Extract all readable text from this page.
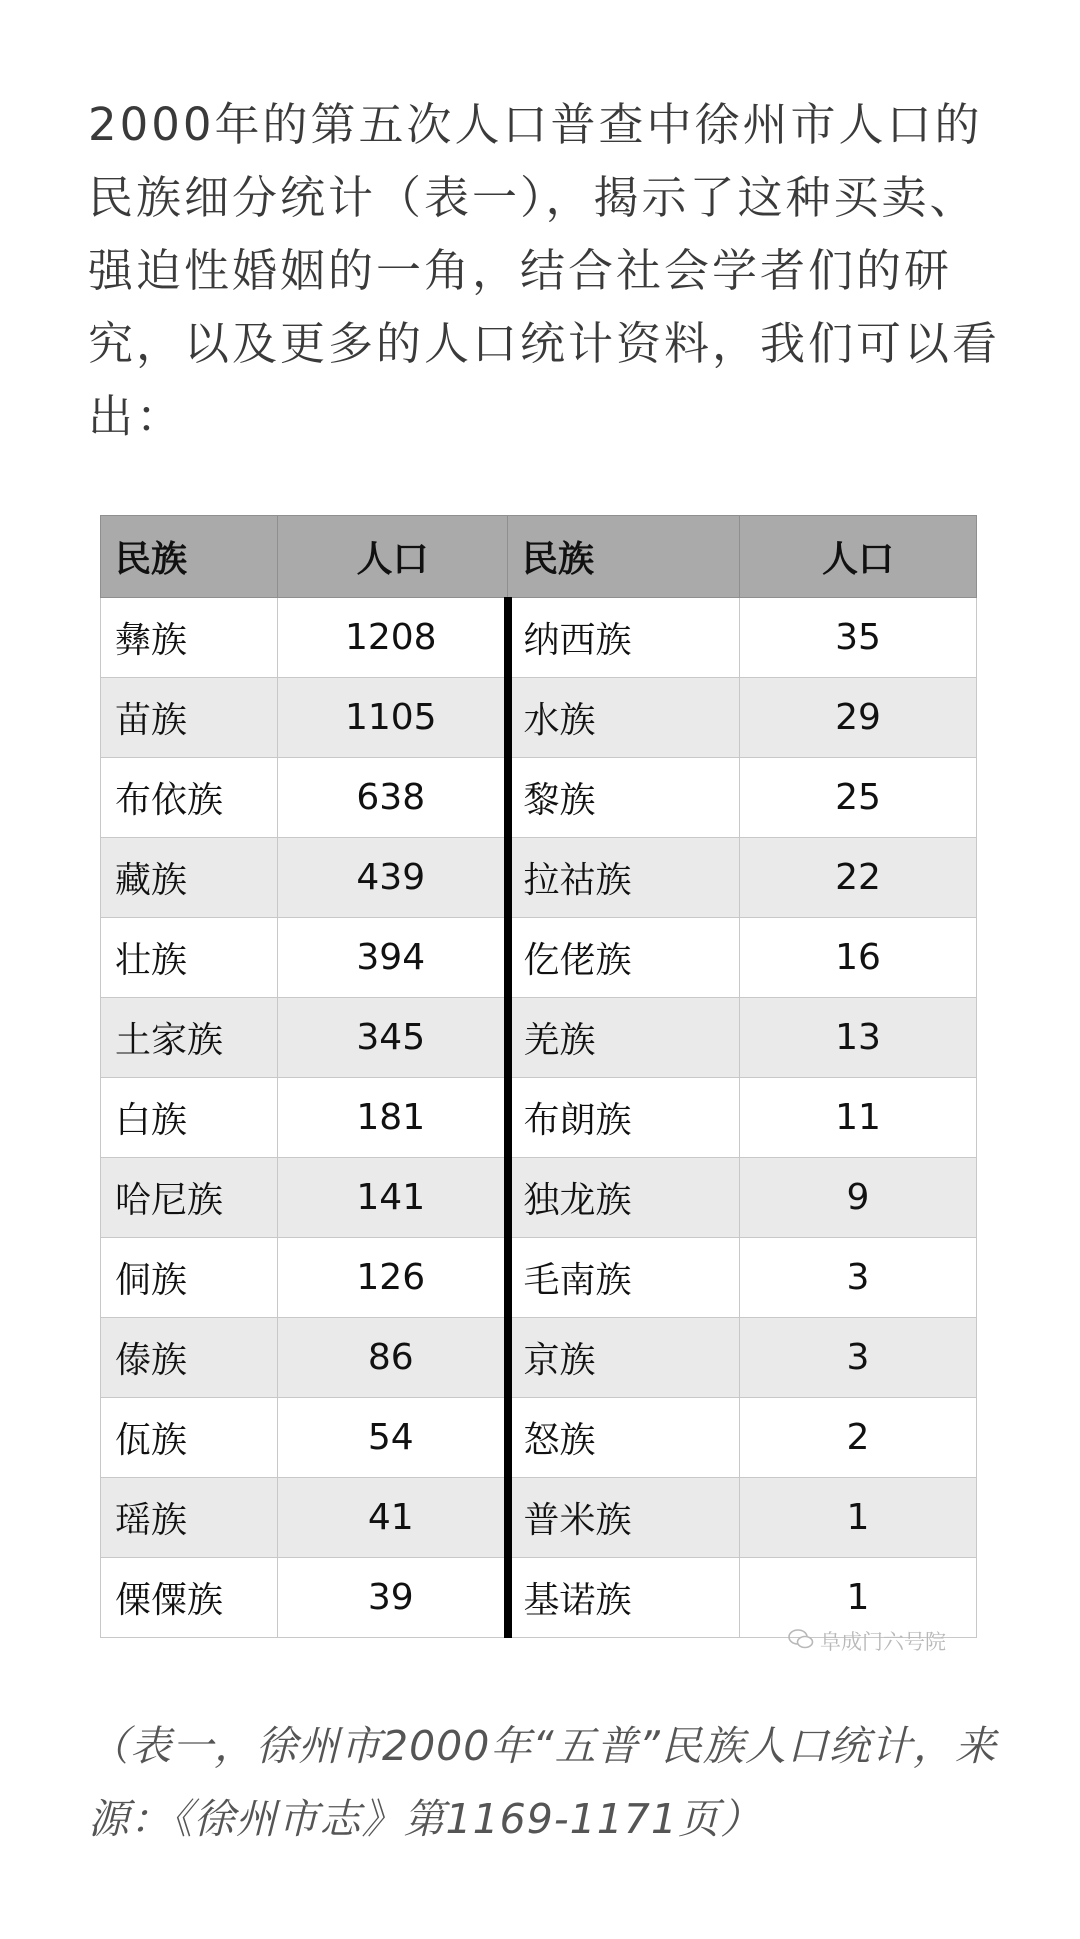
2000年的第五次人口普查中徐州市人口的民族细分统计（表一），揭示了这种买卖、强迫性婚姻的一角，结合社会学者们的研究，以及更多的人口统计资料，我们可以看出：
民族	人口	民族	人口
彝族	1208	纳西族	35
苗族	1105	水族	29
布依族	638	黎族	25
藏族	439	拉祜族	22
壮族	394	仡佬族	16
土家族	345	羌族	13
白族	181	布朗族	11
哈尼族	141	独龙族	9
侗族	126	毛南族	3
傣族	86	京族	3
佤族	54	怒族	2
瑶族	41	普米族	1
傈僳族	39	基诺族	1
阜成门六号院
（表一，徐州市2000年“五普”民族人口统计，来源：《徐州市志》第1169-1171页）
